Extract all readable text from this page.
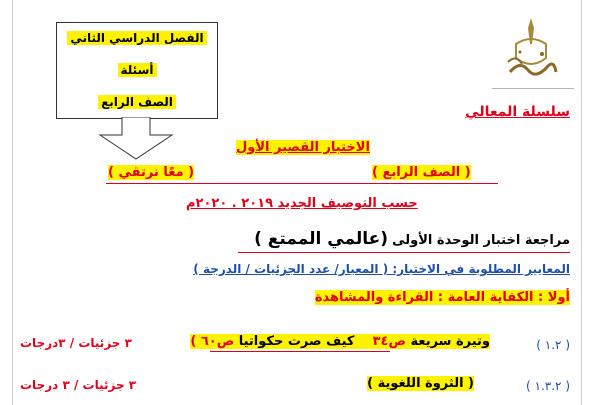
الفصل الدراسي الثاني
أسئلة
الصف الرابع
سلسلة المعالي
الاختبار القصير الأول
( الصف الرابع )
( معًا نرتقي )
حسب التوصيف الجديد ٢٠١٩ . ٢٠٢٠م
مراجعة اختبار الوحدة الأولى (عالمي الممتع )
المعايير المطلوبة في الاختبار: ( المعيار/ عدد الجزئيات / الدرجة )
أولا : الكفاية العامة : القراءة والمشاهدة
( ١.٢ )
وتيرة سريعة ص٣٤    كيف صرت حكواتيا ص٦٠ )
٣ جزئيات / ٣درجات
( ١.٣.٢ )
( الثروة اللغوية )
٣ جزئيات / ٣ درجات
